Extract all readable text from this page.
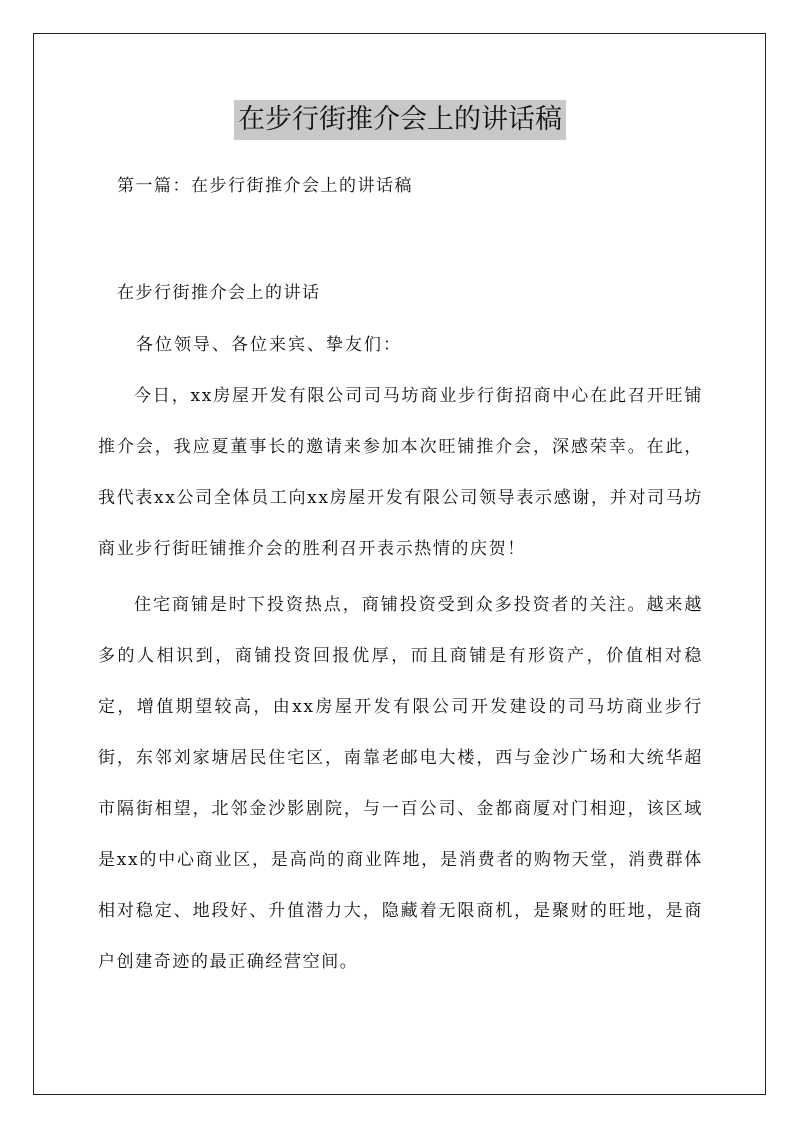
在步行街推介会上的讲话稿
第一篇：在步行街推介会上的讲话稿
在步行街推介会上的讲话
各位领导、各位来宾、挚友们：
今日，xx房屋开发有限公司司马坊商业步行街招商中心在此召开旺铺推介会，我应夏董事长的邀请来参加本次旺铺推介会，深感荣幸。在此，我代表xx公司全体员工向xx房屋开发有限公司领导表示感谢，并对司马坊商业步行街旺铺推介会的胜利召开表示热情的庆贺！
住宅商铺是时下投资热点，商铺投资受到众多投资者的关注。越来越多的人相识到，商铺投资回报优厚，而且商铺是有形资产，价值相对稳定，增值期望较高，由xx房屋开发有限公司开发建设的司马坊商业步行街，东邻刘家塘居民住宅区，南靠老邮电大楼，西与金沙广场和大统华超市隔街相望，北邻金沙影剧院，与一百公司、金都商厦对门相迎，该区域是xx的中心商业区，是高尚的商业阵地，是消费者的购物天堂，消费群体相对稳定、地段好、升值潜力大，隐藏着无限商机，是聚财的旺地，是商户创建奇迹的最正确经营空间。
